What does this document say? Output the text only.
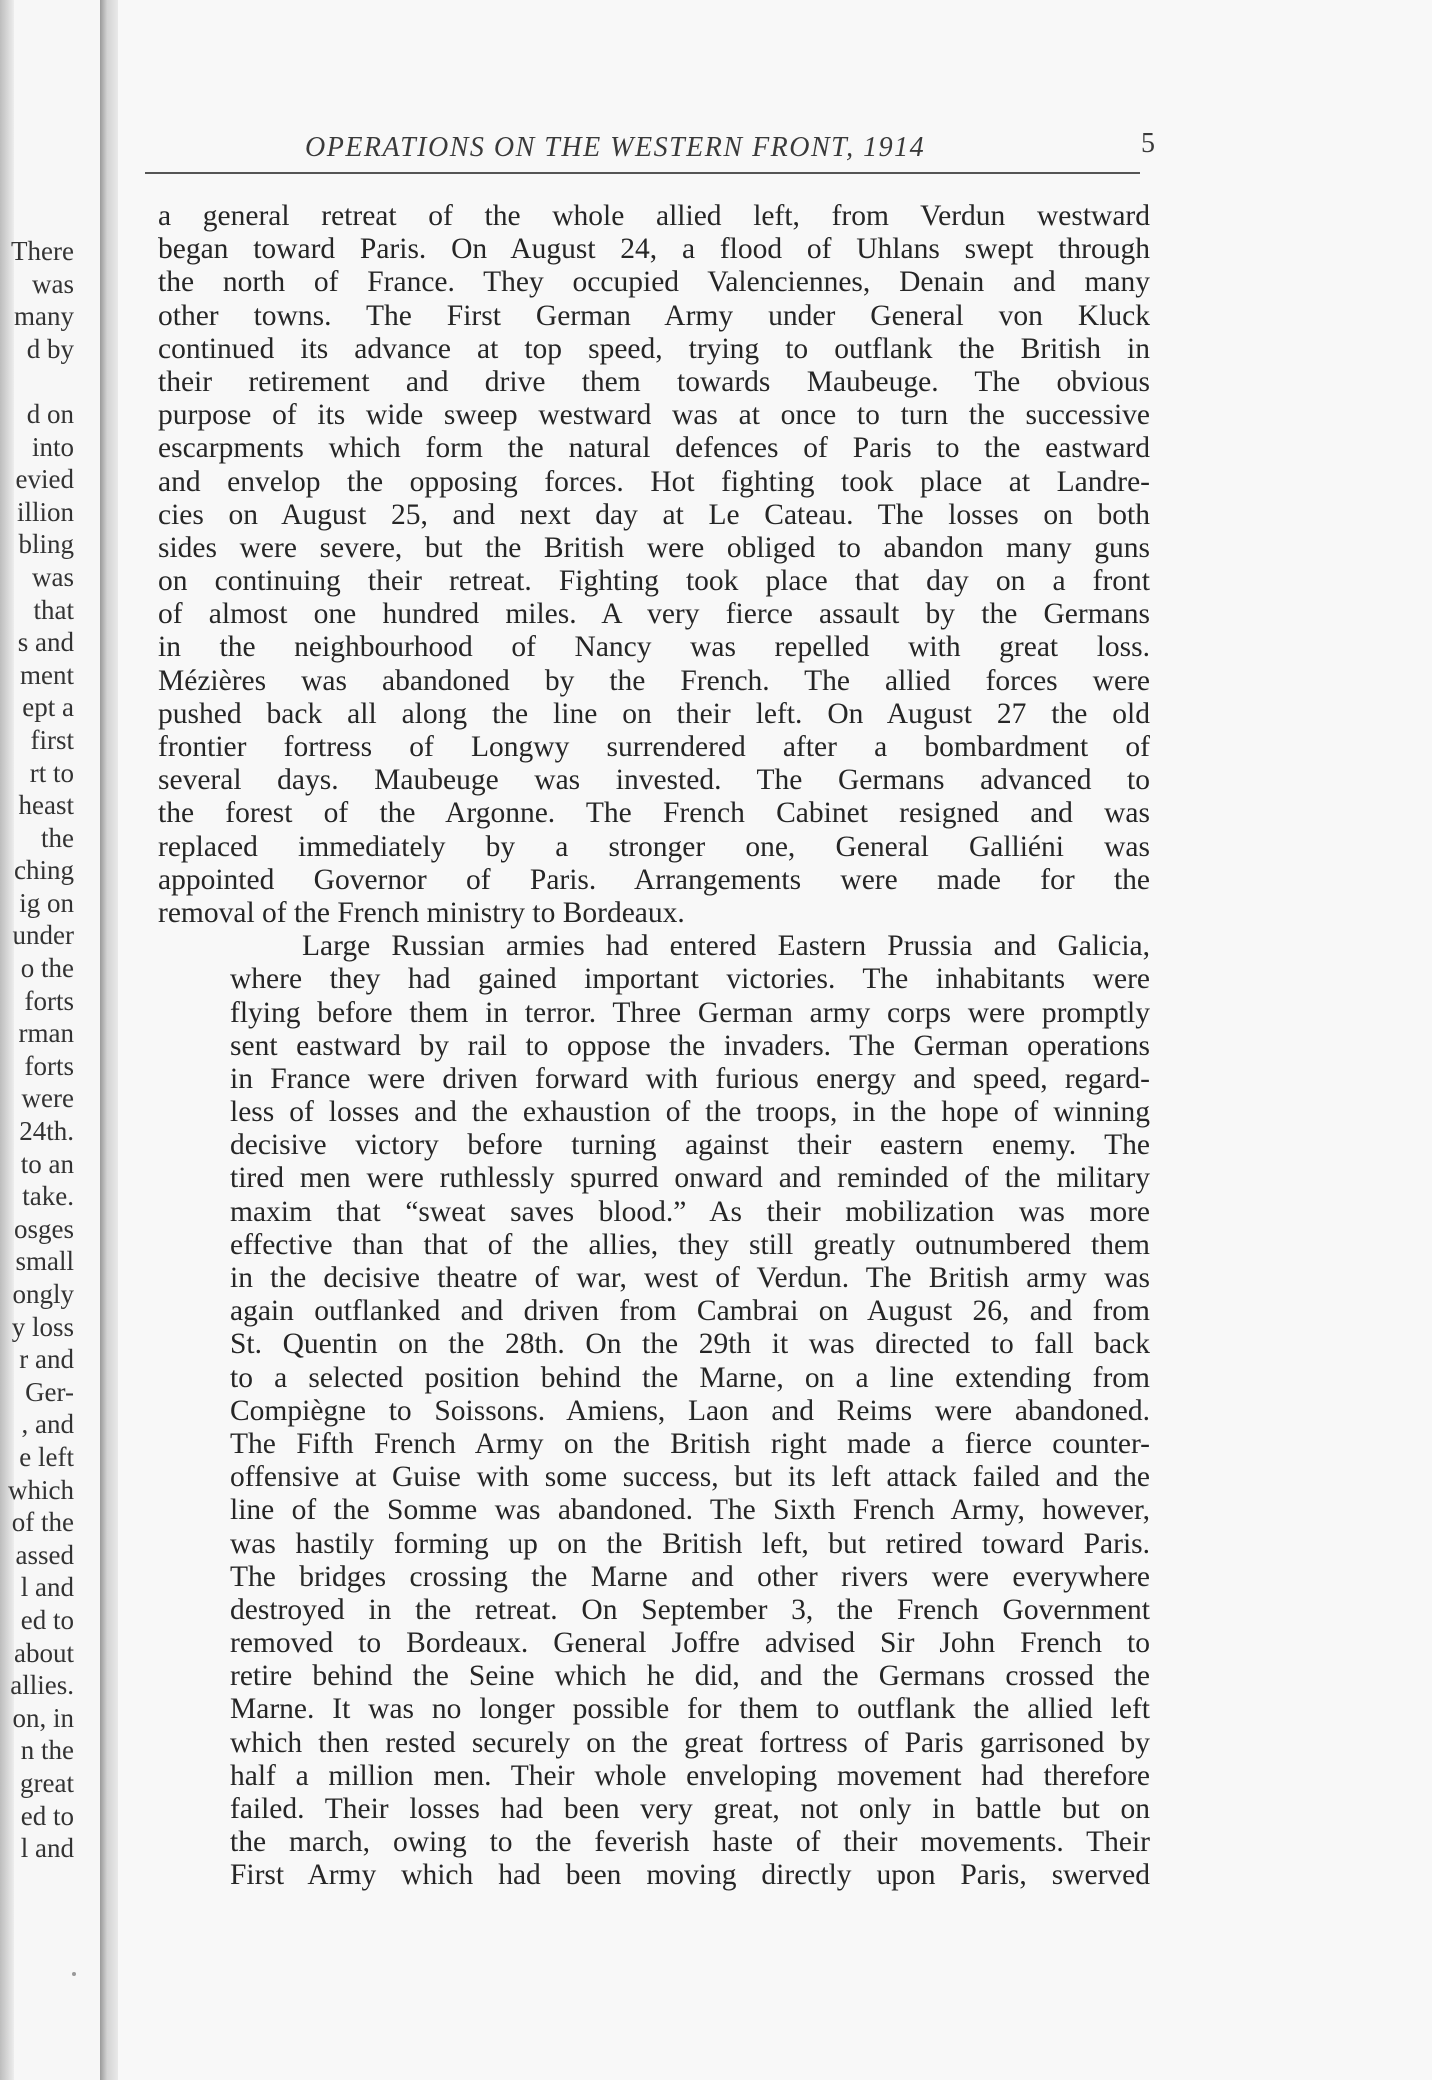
There
was
many
d by
d on
into
evied
illion
bling
was
that
s and
ment
ept a
first
rt to
heast
the
ching
ig on
under
o the
forts
rman
forts
were
24th.
to an
take.
osges
small
ongly
y loss
r and
Ger-
, and
e left
which
of the
assed
l and
ed to
about
allies.
on, in
n the
great
ed to
l and
OPERATIONS ON THE WESTERN FRONT, 1914	5
a general retreat of the whole allied left, from Verdun westward
began toward Paris. On August 24, a flood of Uhlans swept through
the north of France. They occupied Valenciennes, Denain and many
other towns. The First German Army under General von Kluck
continued its advance at top speed, trying to outflank the British in
their retirement and drive them towards Maubeuge. The obvious
purpose of its wide sweep westward was at once to turn the successive
escarpments which form the natural defences of Paris to the eastward
and envelop the opposing forces. Hot fighting took place at Landre-
cies on August 25, and next day at Le Cateau. The losses on both
sides were severe, but the British were obliged to abandon many guns
on continuing their retreat. Fighting took place that day on a front
of almost one hundred miles. A very fierce assault by the Germans
in the neighbourhood of Nancy was repelled with great loss.
Mézières was abandoned by the French. The allied forces were
pushed back all along the line on their left. On August 27 the old
frontier fortress of Longwy surrendered after a bombardment of
several days. Maubeuge was invested. The Germans advanced to
the forest of the Argonne. The French Cabinet resigned and was
replaced immediately by a stronger one, General Galliéni was
appointed Governor of Paris. Arrangements were made for the
removal of the French ministry to Bordeaux.
Large Russian armies had entered Eastern Prussia and Galicia,
where they had gained important victories. The inhabitants were
flying before them in terror. Three German army corps were promptly
sent eastward by rail to oppose the invaders. The German operations
in France were driven forward with furious energy and speed, regard-
less of losses and the exhaustion of the troops, in the hope of winning
decisive victory before turning against their eastern enemy. The
tired men were ruthlessly spurred onward and reminded of the military
maxim that “sweat saves blood.” As their mobilization was more
effective than that of the allies, they still greatly outnumbered them
in the decisive theatre of war, west of Verdun. The British army was
again outflanked and driven from Cambrai on August 26, and from
St. Quentin on the 28th. On the 29th it was directed to fall back
to a selected position behind the Marne, on a line extending from
Compiègne to Soissons. Amiens, Laon and Reims were abandoned.
The Fifth French Army on the British right made a fierce counter-
offensive at Guise with some success, but its left attack failed and the
line of the Somme was abandoned. The Sixth French Army, however,
was hastily forming up on the British left, but retired toward Paris.
The bridges crossing the Marne and other rivers were everywhere
destroyed in the retreat. On September 3, the French Government
removed to Bordeaux. General Joffre advised Sir John French to
retire behind the Seine which he did, and the Germans crossed the
Marne. It was no longer possible for them to outflank the allied left
which then rested securely on the great fortress of Paris garrisoned by
half a million men. Their whole enveloping movement had therefore
failed. Their losses had been very great, not only in battle but on
the march, owing to the feverish haste of their movements. Their
First Army which had been moving directly upon Paris, swerved
